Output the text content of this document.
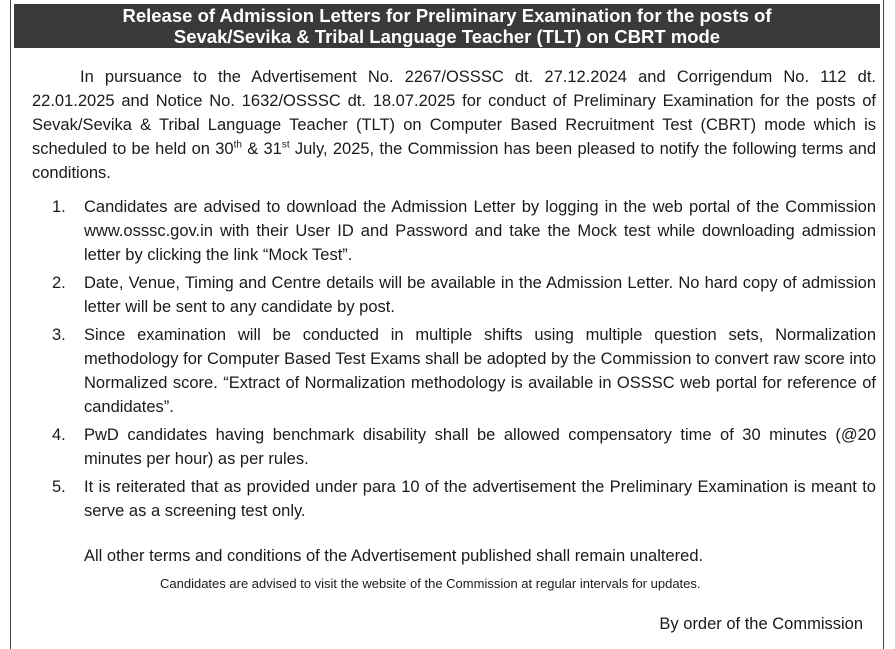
Release of Admission Letters for Preliminary Examination for the posts of
Sevak/Sevika & Tribal Language Teacher (TLT) on CBRT mode

In pursuance to the Advertisement No. 2267/OSSSC dt. 27.12.2024 and Corrigendum No. 112 dt. 22.01.2025 and Notice No. 1632/OSSSC dt. 18.07.2025 for conduct of Preliminary Examination for the posts of Sevak/Sevika & Tribal Language Teacher (TLT) on Computer Based Recruitment Test (CBRT) mode which is scheduled to be held on 30th & 31st July, 2025, the Commission has been pleased to notify the following terms and conditions.

1. Candidates are advised to download the Admission Letter by logging in the web portal of the Commission www.osssc.gov.in with their User ID and Password and take the Mock test while downloading admission letter by clicking the link “Mock Test”.
2. Date, Venue, Timing and Centre details will be available in the Admission Letter. No hard copy of admission letter will be sent to any candidate by post.
3. Since examination will be conducted in multiple shifts using multiple question sets, Normalization methodology for Computer Based Test Exams shall be adopted by the Commission to convert raw score into Normalized score. “Extract of Normalization methodology is available in OSSSC web portal for reference of candidates”.
4. PwD candidates having benchmark disability shall be allowed compensatory time of 30 minutes (@20 minutes per hour) as per rules.
5. It is reiterated that as provided under para 10 of the advertisement the Preliminary Examination is meant to serve as a screening test only.
All other terms and conditions of the Advertisement published shall remain unaltered.
Candidates are advised to visit the website of the Commission at regular intervals for updates.
By order of the Commission
